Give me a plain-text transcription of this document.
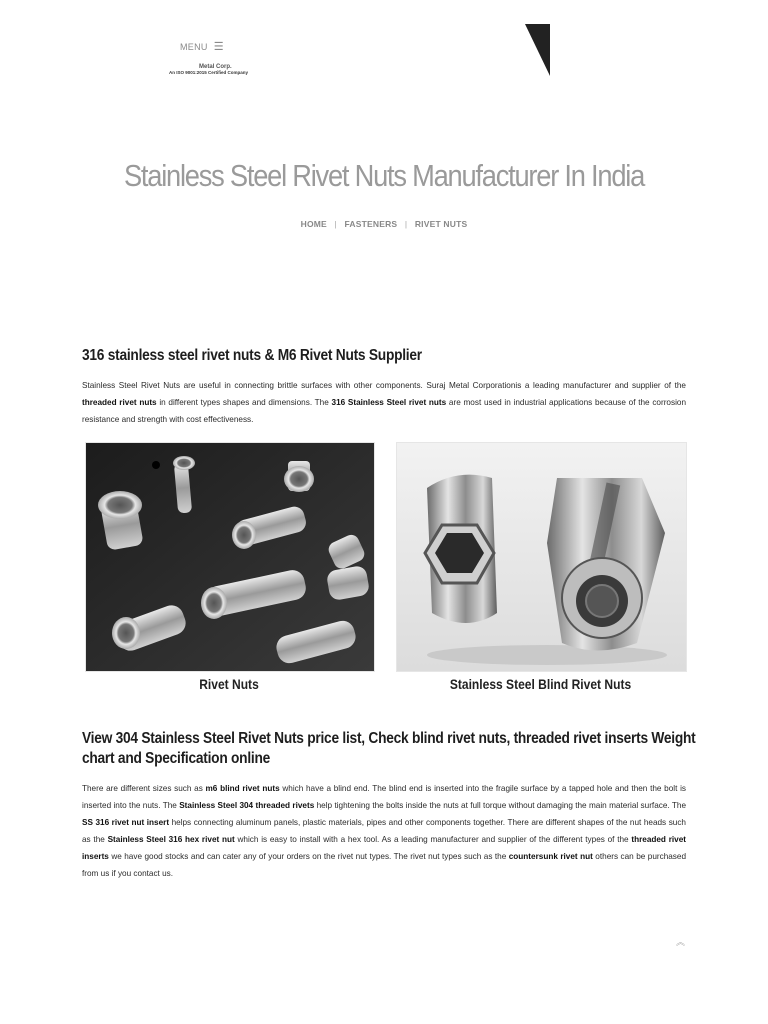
MENU ☰
Metal Corp.
An ISO 9001:2015 Certified Company
Stainless Steel Rivet Nuts Manufacturer In India
HOME | FASTENERS | RIVET NUTS
316 stainless steel rivet nuts & M6 Rivet Nuts Supplier
Stainless Steel Rivet Nuts are useful in connecting brittle surfaces with other components. Suraj Metal Corporationis a leading manufacturer and supplier of the threaded rivet nuts in different types shapes and dimensions. The 316 Stainless Steel rivet nuts are most used in industrial applications because of the corrosion resistance and strength with cost effectiveness.
Rivet Nuts	Stainless Steel Blind Rivet Nuts
View 304 Stainless Steel Rivet Nuts price list, Check blind rivet nuts, threaded rivet inserts Weight
chart and Specification online
There are different sizes such as m6 blind rivet nuts which have a blind end. The blind end is inserted into the fragile surface by a tapped hole and then the bolt is inserted into the nuts. The Stainless Steel 304 threaded rivets help tightening the bolts inside the nuts at full torque without damaging the main material surface. The SS 316 rivet nut insert helps connecting aluminum panels, plastic materials, pipes and other components together. There are different shapes of the nut heads such as the Stainless Steel 316 hex rivet nut which is easy to install with a hex tool. As a leading manufacturer and supplier of the different types of the threaded rivet inserts we have good stocks and can cater any of your orders on the rivet nut types. The rivet nut types such as the countersunk rivet nut others can be purchased from us if you contact us.
︽
